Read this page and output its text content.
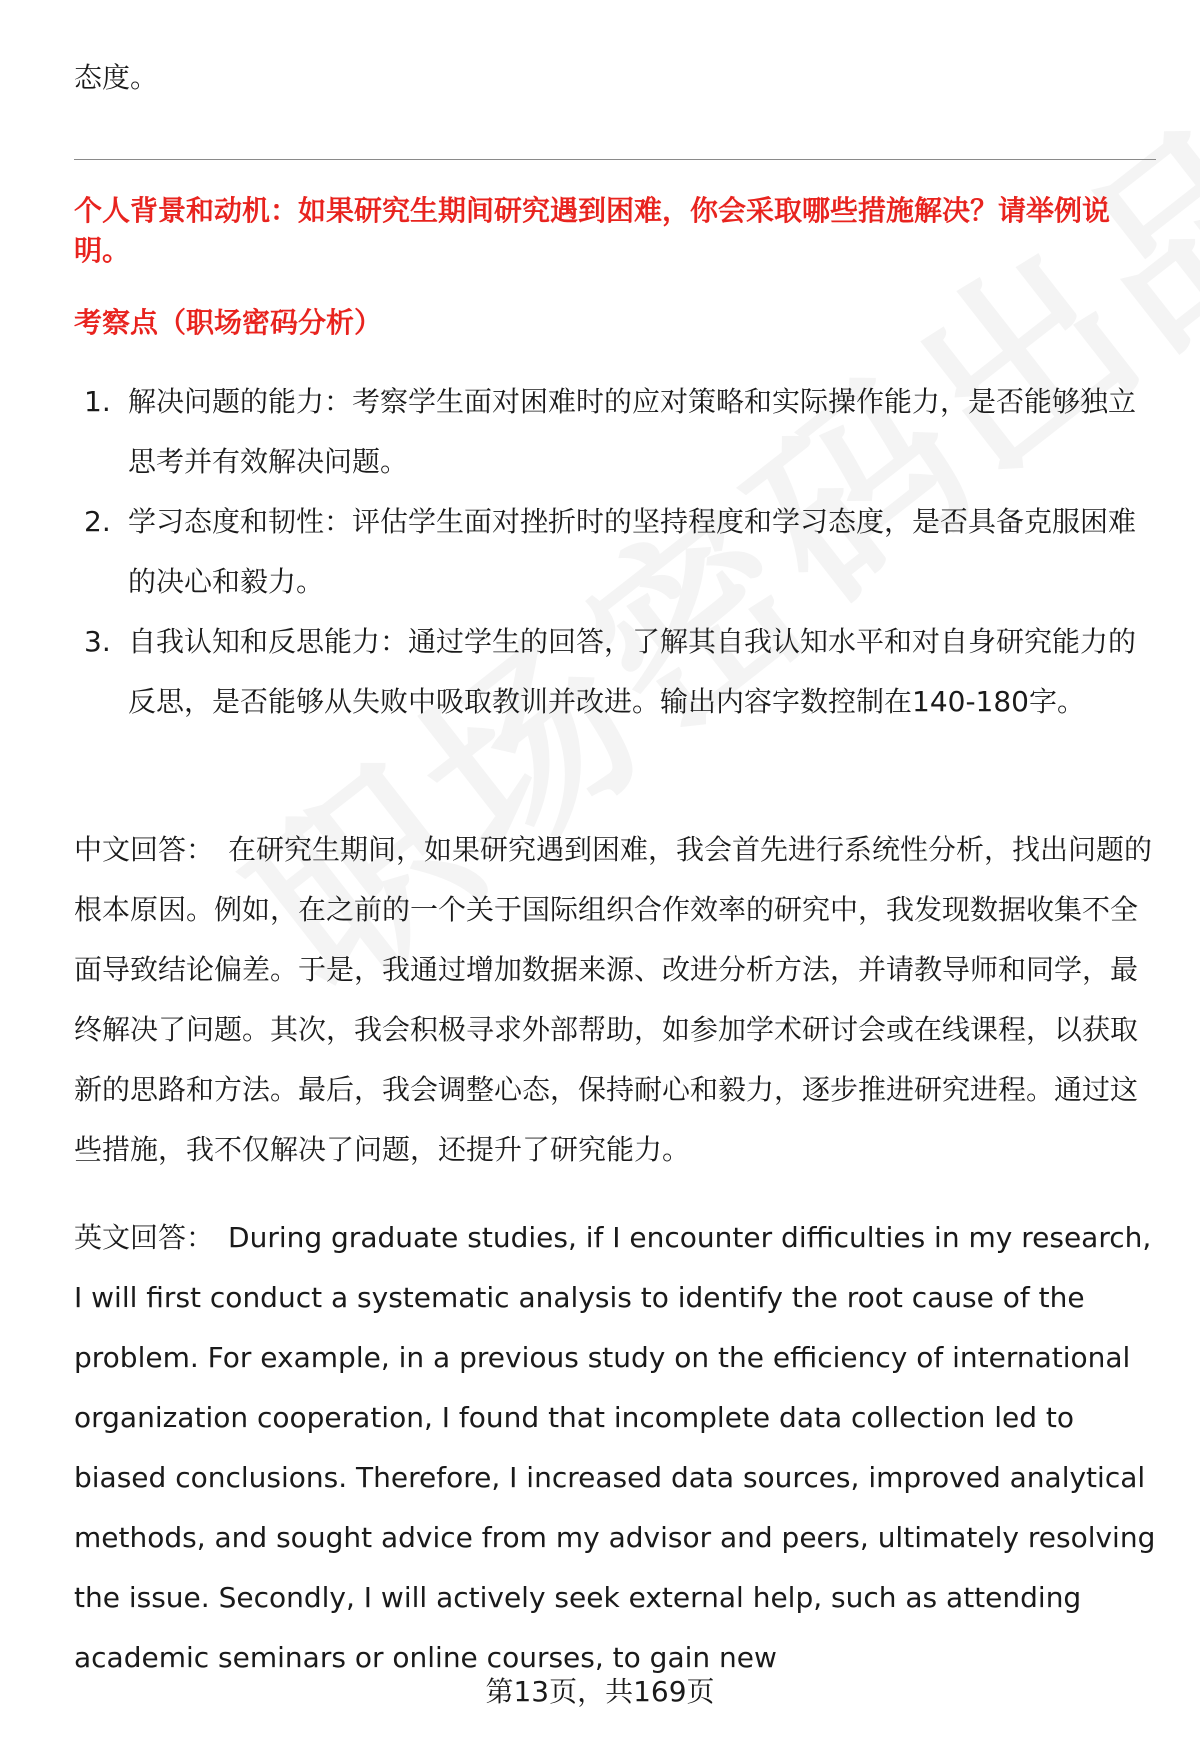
态度。
个人背景和动机：如果研究生期间研究遇到困难，你会采取哪些措施解决？请举例说明。
考察点（职场密码分析）
1. 解决问题的能力：考察学生面对困难时的应对策略和实际操作能力，是否能够独立思考并有效解决问题。
2. 学习态度和韧性：评估学生面对挫折时的坚持程度和学习态度，是否具备克服困难的决心和毅力。
3. 自我认知和反思能力：通过学生的回答，了解其自我认知水平和对自身研究能力的反思，是否能够从失败中吸取教训并改进。输出内容字数控制在140-180字。
中文回答： 在研究生期间，如果研究遇到困难，我会首先进行系统性分析，找出问题的根本原因。例如，在之前的一个关于国际组织合作效率的研究中，我发现数据收集不全面导致结论偏差。于是，我通过增加数据来源、改进分析方法，并请教导师和同学，最终解决了问题。其次，我会积极寻求外部帮助，如参加学术研讨会或在线课程，以获取新的思路和方法。最后，我会调整心态，保持耐心和毅力，逐步推进研究进程。通过这些措施，我不仅解决了问题，还提升了研究能力。
英文回答： During graduate studies, if I encounter difficulties in my research, I will first conduct a systematic analysis to identify the root cause of the problem. For example, in a previous study on the efficiency of international organization cooperation, I found that incomplete data collection led to biased conclusions. Therefore, I increased data sources, improved analytical methods, and sought advice from my advisor and peers, ultimately resolving the issue. Secondly, I will actively seek external help, such as attending academic seminars or online courses, to gain new
第13页，共169页
